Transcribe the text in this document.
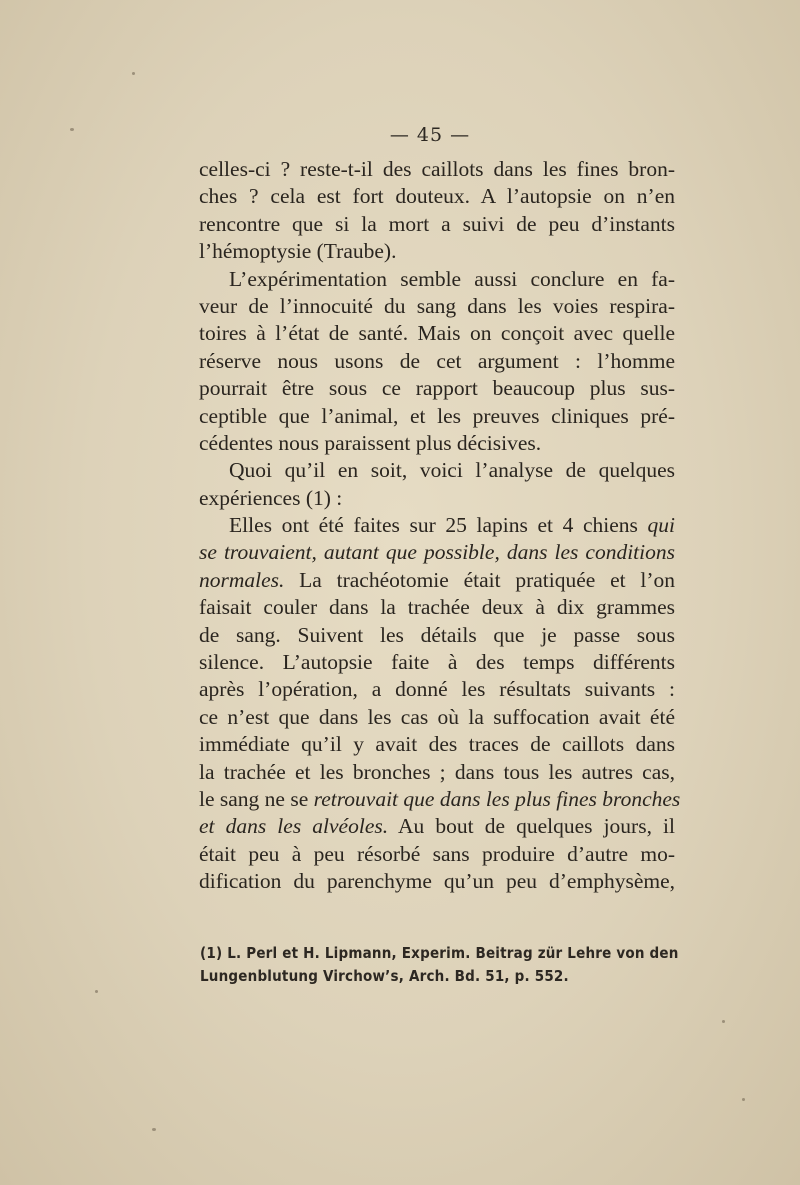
— 45 —
celles-ci ? reste-t-il des caillots dans les fines bron-
ches ? cela est fort douteux. A l’autopsie on n’en
rencontre que si la mort a suivi de peu d’instants
l’hémoptysie (Traube).
L’expérimentation semble aussi conclure en fa-
veur de l’innocuité du sang dans les voies respira-
toires à l’état de santé. Mais on conçoit avec quelle
réserve nous usons de cet argument : l’homme
pourrait être sous ce rapport beaucoup plus sus-
ceptible que l’animal, et les preuves cliniques pré-
cédentes nous paraissent plus décisives.
Quoi qu’il en soit, voici l’analyse de quelques
expériences (1) :
Elles ont été faites sur 25 lapins et 4 chiens qui
se trouvaient, autant que possible, dans les conditions
normales. La trachéotomie était pratiquée et l’on
faisait couler dans la trachée deux à dix grammes
de sang. Suivent les détails que je passe sous
silence. L’autopsie faite à des temps différents
après l’opération, a donné les résultats suivants :
ce n’est que dans les cas où la suffocation avait été
immédiate qu’il y avait des traces de caillots dans
la trachée et les bronches ; dans tous les autres cas,
le sang ne se retrouvait que dans les plus fines bronches
et dans les alvéoles. Au bout de quelques jours, il
était peu à peu résorbé sans produire d’autre mo-
dification du parenchyme qu’un peu d’emphysème,
(1) L. Perl et H. Lipmann, Experim. Beitrag zür Lehre von den
Lungenblutung Virchow’s, Arch. Bd. 51, p. 552.
